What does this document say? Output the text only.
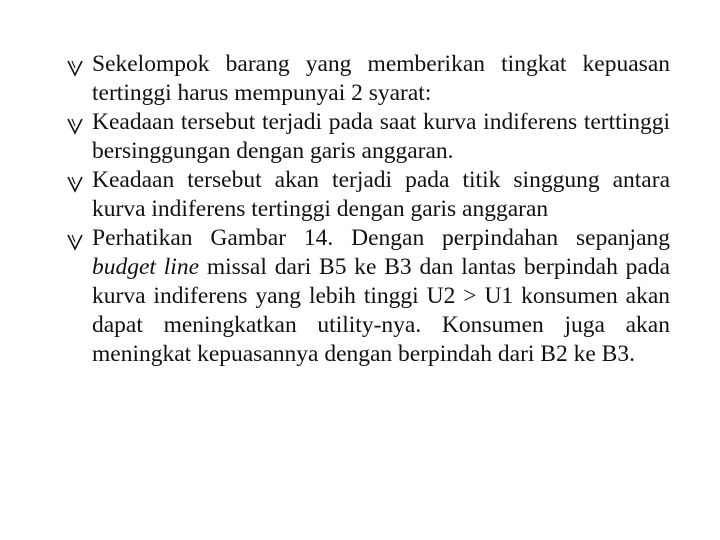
Sekelompok barang yang memberikan tingkat kepuasan tertinggi harus mempunyai 2 syarat:
Keadaan tersebut terjadi pada saat kurva indiferens terttinggi bersinggungan dengan garis anggaran.
Keadaan tersebut akan terjadi pada titik singgung antara kurva indiferens tertinggi dengan garis anggaran
Perhatikan Gambar 14. Dengan perpindahan sepanjang budget line missal dari B5 ke B3 dan lantas berpindah pada kurva indiferens yang lebih tinggi U2 > U1 konsumen akan dapat meningkatkan utility-nya. Konsumen juga akan meningkat kepuasannya dengan berpindah dari B2 ke B3.
